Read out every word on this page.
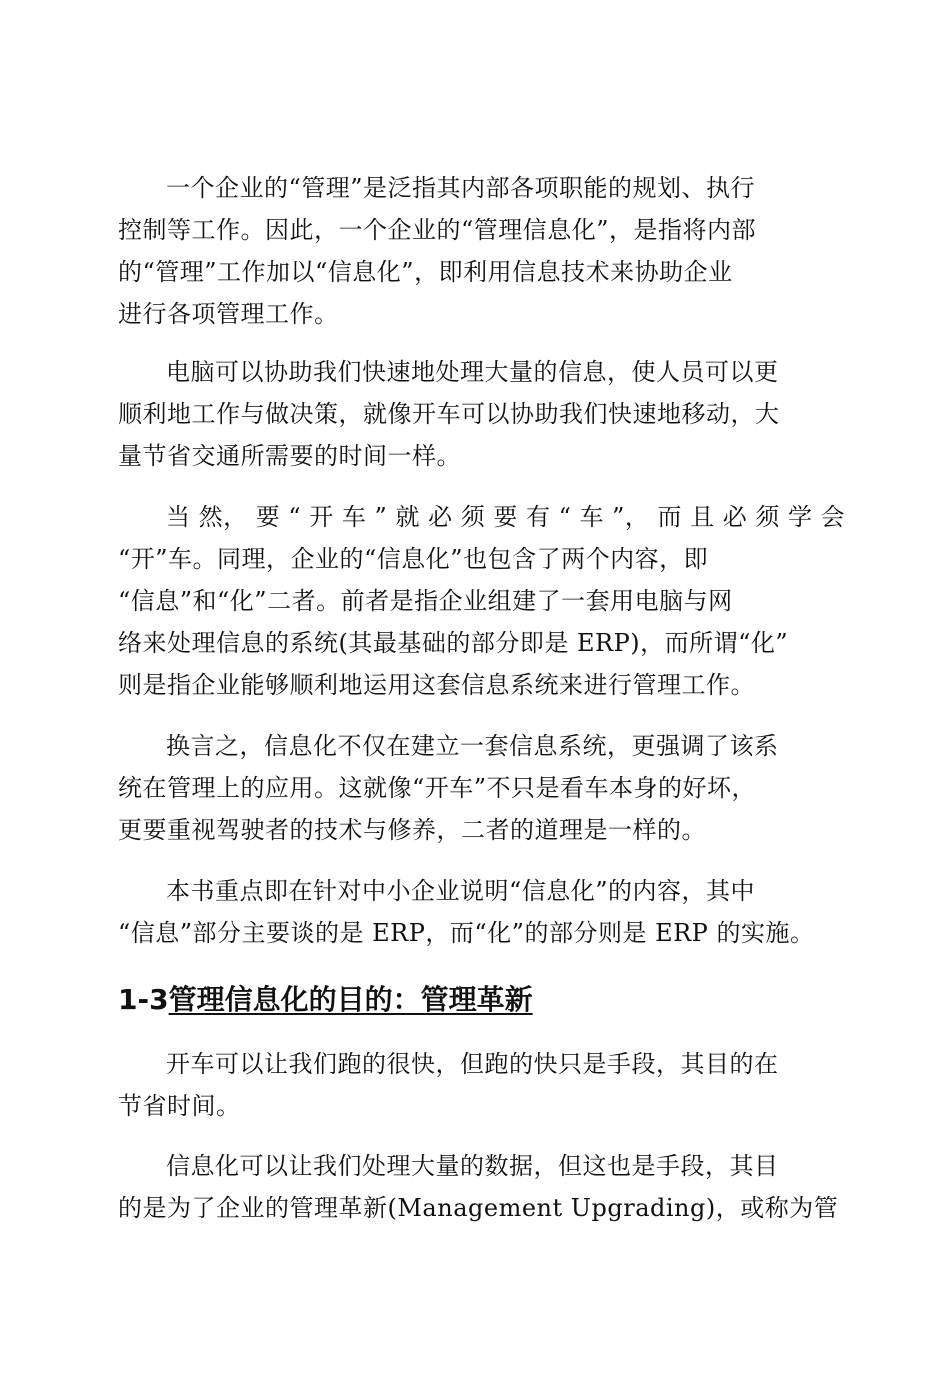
一个企业的“管理”是泛指其内部各项职能的规划、执行
控制等工作。因此，一个企业的“管理信息化”，是指将内部
的“管理”工作加以“信息化”，即利用信息技术来协助企业
进行各项管理工作。
电脑可以协助我们快速地处理大量的信息，使人员可以更
顺利地工作与做决策，就像开车可以协助我们快速地移动，大
量节省交通所需要的时间一样。
当 然， 要 “ 开 车 ” 就 必 须 要 有 “ 车 ”， 而 且 必 须 学 会
“开”车。同理，企业的“信息化”也包含了两个内容，即
“信息”和“化”二者。前者是指企业组建了一套用电脑与网
络来处理信息的系统(其最基础的部分即是 ERP)，而所谓“化”
则是指企业能够顺利地运用这套信息系统来进行管理工作。
换言之，信息化不仅在建立一套信息系统，更强调了该系
统在管理上的应用。这就像“开车”不只是看车本身的好坏，
更要重视驾驶者的技术与修养，二者的道理是一样的。
本书重点即在针对中小企业说明“信息化”的内容，其中
“信息”部分主要谈的是 ERP，而“化”的部分则是 ERP 的实施。
1-3管理信息化的目的：管理革新
开车可以让我们跑的很快，但跑的快只是手段，其目的在
节省时间。
信息化可以让我们处理大量的数据，但这也是手段，其目
的是为了企业的管理革新(Management Upgrading)，或称为管
